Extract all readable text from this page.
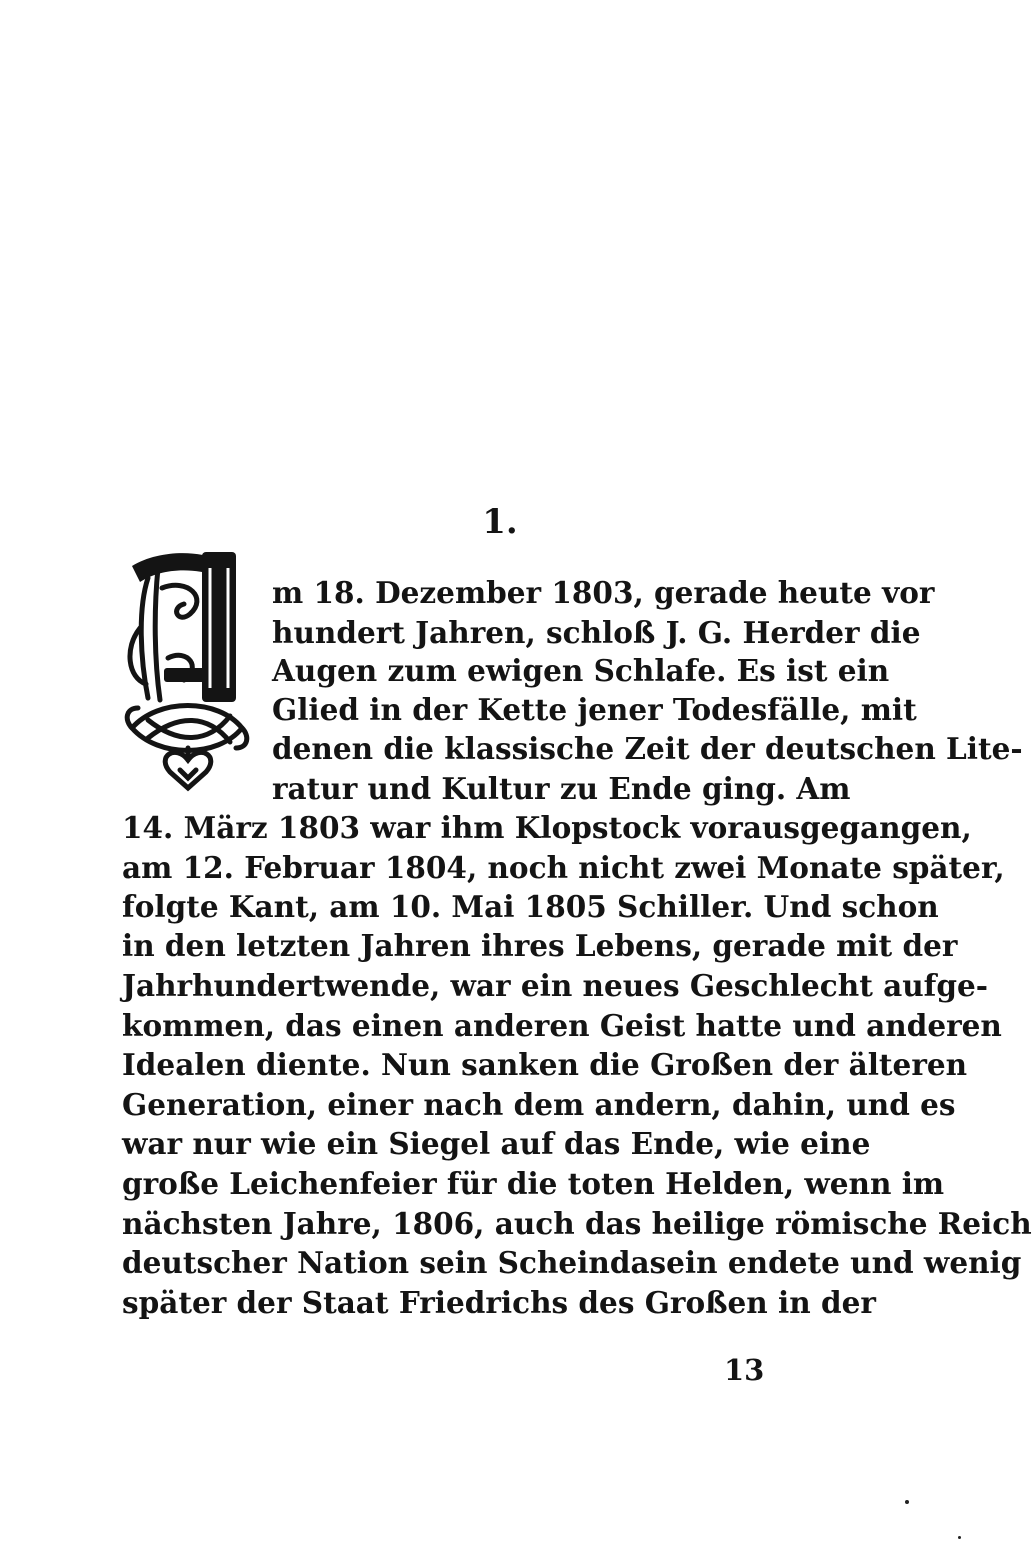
1.
m 18. Dezember 1803, gerade heute vor
hundert Jahren, schloß J. G. Herder die
Augen zum ewigen Schlafe. Es ist ein
Glied in der Kette jener Todesfälle, mit
denen die klassische Zeit der deutschen Lite-
ratur und Kultur zu Ende ging. Am
14. März 1803 war ihm Klopstock vorausgegangen,
am 12. Februar 1804, noch nicht zwei Monate später,
folgte Kant, am 10. Mai 1805 Schiller. Und schon
in den letzten Jahren ihres Lebens, gerade mit der
Jahrhundertwende, war ein neues Geschlecht aufge-
kommen, das einen anderen Geist hatte und anderen
Idealen diente. Nun sanken die Großen der älteren
Generation, einer nach dem andern, dahin, und es
war nur wie ein Siegel auf das Ende, wie eine
große Leichenfeier für die toten Helden, wenn im
nächsten Jahre, 1806, auch das heilige römische Reich
deutscher Nation sein Scheindasein endete und wenig
später der Staat Friedrichs des Großen in der
13
